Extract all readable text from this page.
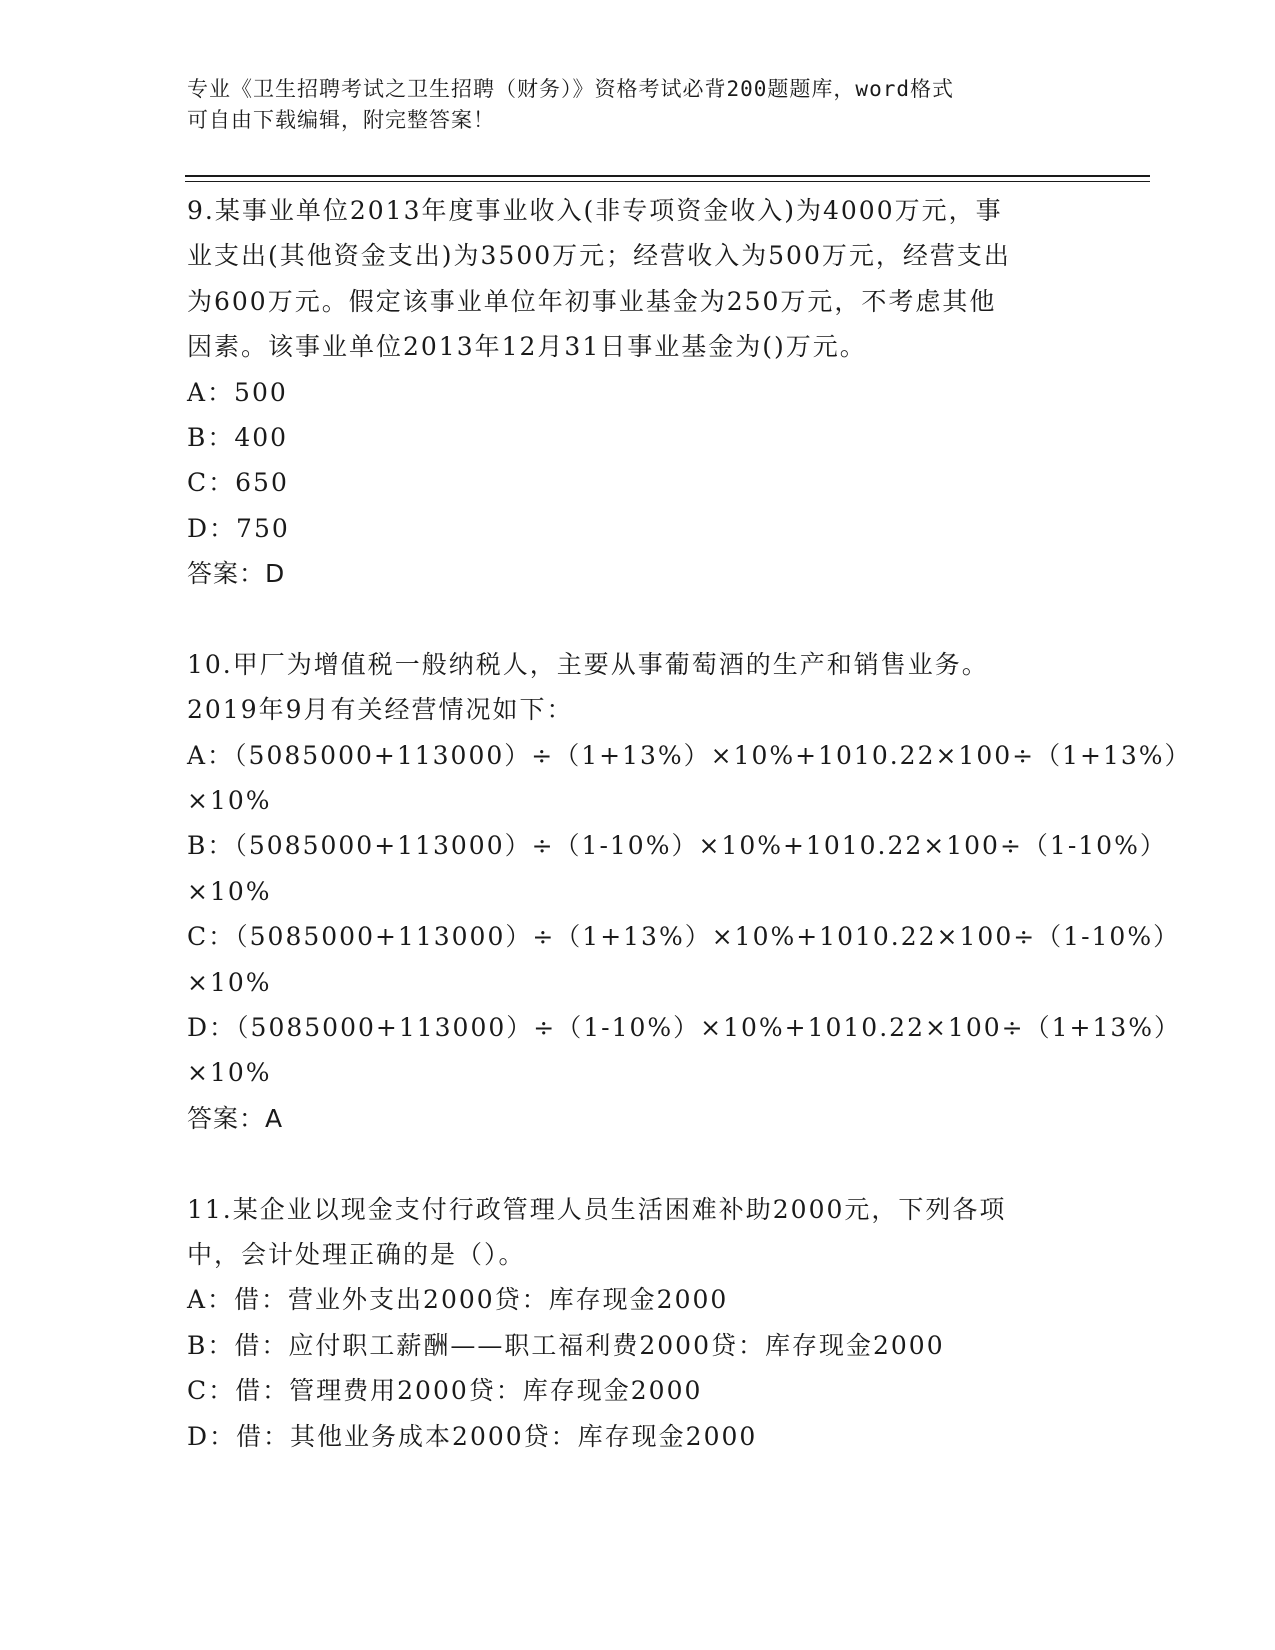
专业《卫生招聘考试之卫生招聘（财务）》资格考试必背200题题库，word格式
可自由下载编辑，附完整答案！
9.某事业单位2013年度事业收入(非专项资金收入)为4000万元，事
业支出(其他资金支出)为3500万元；经营收入为500万元，经营支出
为600万元。假定该事业单位年初事业基金为250万元，不考虑其他
因素。该事业单位2013年12月31日事业基金为()万元。
A：500
B：400
C：650
D：750
答案：D
10.甲厂为增值税一般纳税人，主要从事葡萄酒的生产和销售业务。
2019年9月有关经营情况如下：
A：（5085000+113000）÷（1+13%）×10%+1010.22×100÷（1+13%）
×10%
B：（5085000+113000）÷（1-10%）×10%+1010.22×100÷（1-10%）
×10%
C：（5085000+113000）÷（1+13%）×10%+1010.22×100÷（1-10%）
×10%
D：（5085000+113000）÷（1-10%）×10%+1010.22×100÷（1+13%）
×10%
答案：A
11.某企业以现金支付行政管理人员生活困难补助2000元，下列各项
中，会计处理正确的是（）。
A：借：营业外支出2000贷：库存现金2000
B：借：应付职工薪酬——职工福利费2000贷：库存现金2000
C：借：管理费用2000贷：库存现金2000
D：借：其他业务成本2000贷：库存现金2000
